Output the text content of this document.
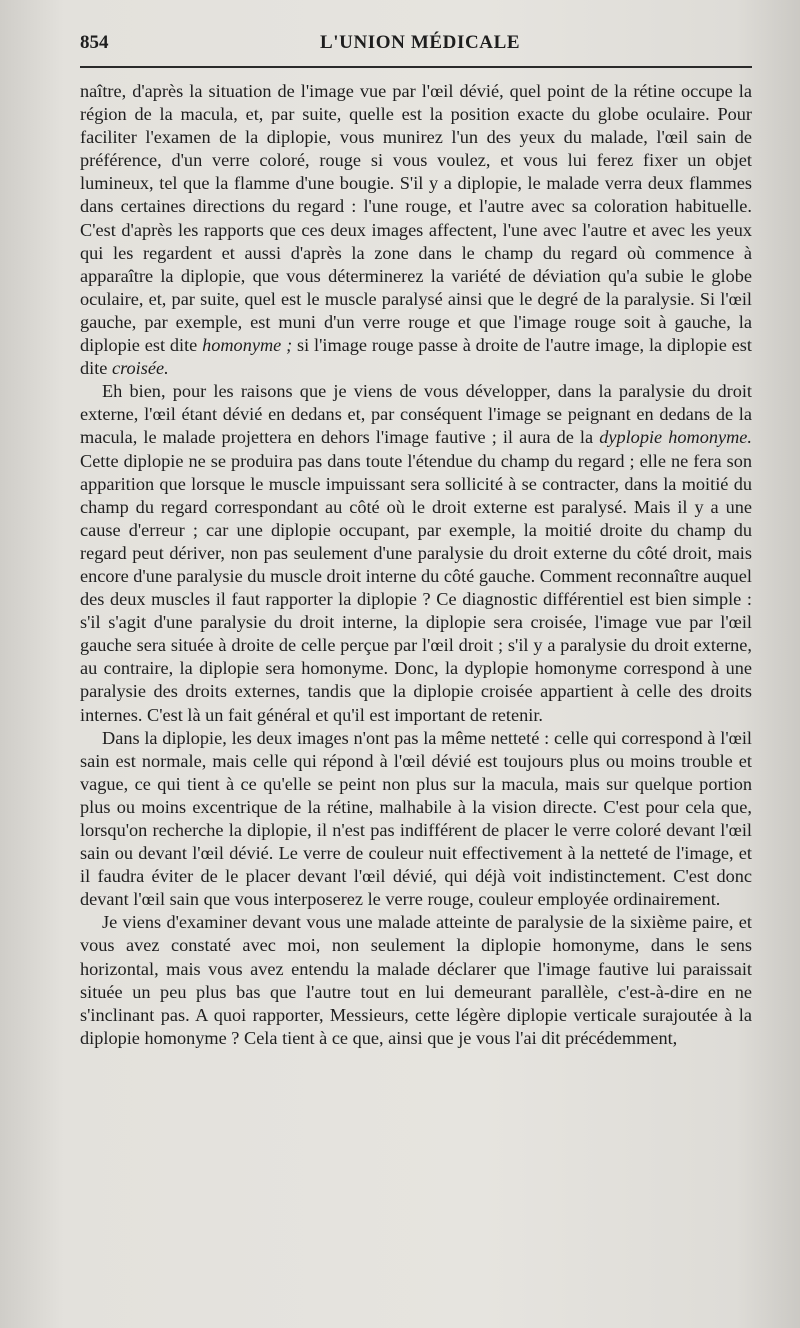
854	L'UNION MÉDICALE

naître, d'après la situation de l'image vue par l'œil dévié, quel point de la rétine occupe la région de la macula, et, par suite, quelle est la position exacte du globe oculaire. Pour faciliter l'examen de la diplopie, vous munirez l'un des yeux du malade, l'œil sain de préférence, d'un verre coloré, rouge si vous voulez, et vous lui ferez fixer un objet lumineux, tel que la flamme d'une bougie. S'il y a diplopie, le malade verra deux flammes dans certaines directions du regard : l'une rouge, et l'autre avec sa coloration habituelle. C'est d'après les rapports que ces deux images affectent, l'une avec l'autre et avec les yeux qui les regardent et aussi d'après la zone dans le champ du regard où commence à apparaître la diplopie, que vous déterminerez la variété de déviation qu'a subie le globe oculaire, et, par suite, quel est le muscle paralysé ainsi que le degré de la paralysie. Si l'œil gauche, par exemple, est muni d'un verre rouge et que l'image rouge soit à gauche, la diplopie est dite homonyme ; si l'image rouge passe à droite de l'autre image, la diplopie est dite croisée.

Eh bien, pour les raisons que je viens de vous développer, dans la paralysie du droit externe, l'œil étant dévié en dedans et, par conséquent l'image se peignant en dedans de la macula, le malade projettera en dehors l'image fautive ; il aura de la dyplopie homonyme. Cette diplopie ne se produira pas dans toute l'étendue du champ du regard ; elle ne fera son apparition que lorsque le muscle impuissant sera sollicité à se contracter, dans la moitié du champ du regard correspondant au côté où le droit externe est paralysé. Mais il y a une cause d'erreur ; car une diplopie occupant, par exemple, la moitié droite du champ du regard peut dériver, non pas seulement d'une paralysie du droit externe du côté droit, mais encore d'une paralysie du muscle droit interne du côté gauche. Comment reconnaître auquel des deux muscles il faut rapporter la diplopie ? Ce diagnostic différentiel est bien simple : s'il s'agit d'une paralysie du droit interne, la diplopie sera croisée, l'image vue par l'œil gauche sera située à droite de celle perçue par l'œil droit ; s'il y a paralysie du droit externe, au contraire, la diplopie sera homonyme. Donc, la dyplopie homonyme correspond à une paralysie des droits externes, tandis que la diplopie croisée appartient à celle des droits internes. C'est là un fait général et qu'il est important de retenir.

Dans la diplopie, les deux images n'ont pas la même netteté : celle qui correspond à l'œil sain est normale, mais celle qui répond à l'œil dévié est toujours plus ou moins trouble et vague, ce qui tient à ce qu'elle se peint non plus sur la macula, mais sur quelque portion plus ou moins excentrique de la rétine, malhabile à la vision directe. C'est pour cela que, lorsqu'on recherche la diplopie, il n'est pas indifférent de placer le verre coloré devant l'œil sain ou devant l'œil dévié. Le verre de couleur nuit effectivement à la netteté de l'image, et il faudra éviter de le placer devant l'œil dévié, qui déjà voit indistinctement. C'est donc devant l'œil sain que vous interposerez le verre rouge, couleur employée ordinairement.

Je viens d'examiner devant vous une malade atteinte de paralysie de la sixième paire, et vous avez constaté avec moi, non seulement la diplopie homonyme, dans le sens horizontal, mais vous avez entendu la malade déclarer que l'image fautive lui paraissait située un peu plus bas que l'autre tout en lui demeurant parallèle, c'est-à-dire en ne s'inclinant pas. A quoi rapporter, Messieurs, cette légère diplopie verticale surajoutée à la diplopie homonyme ? Cela tient à ce que, ainsi que je vous l'ai dit précédemment,
